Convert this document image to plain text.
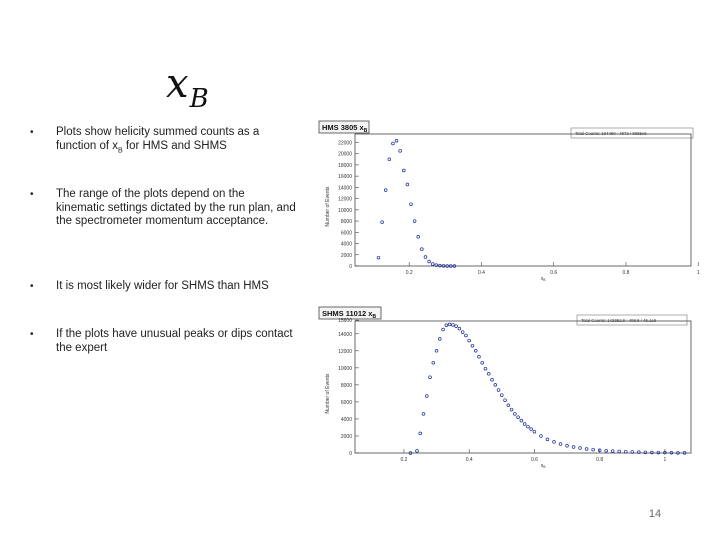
$x_B$
• Plots show helicity summed counts as a function of $x_B$ for HMS and SHMS
• The range of the plots depend on the kinematic settings dictated by the run plan, and the spectrometer momentum acceptance.
• It is most likely wider for SHMS than HMS
• If the plots have unusual peaks or dips contact the expert
HMS 3805 $x_B$	Total Counts: 104460 : 4972 / 8365e6
0
2000
4000
6000
8000
10000
12000
14000
16000
18000
20000
22000
0.2	0.4	0.6	0.8	1
$x_B$
Number of Events
SHMS 11012 $x_B$
Total Counts: 142952.9 : 498.5 / 45.1e6
0
2000
4000
6000
8000
10000
12000
14000
15600
0.2	0.4	0.6	0.8	1
$x_B$
Number of Events
14
